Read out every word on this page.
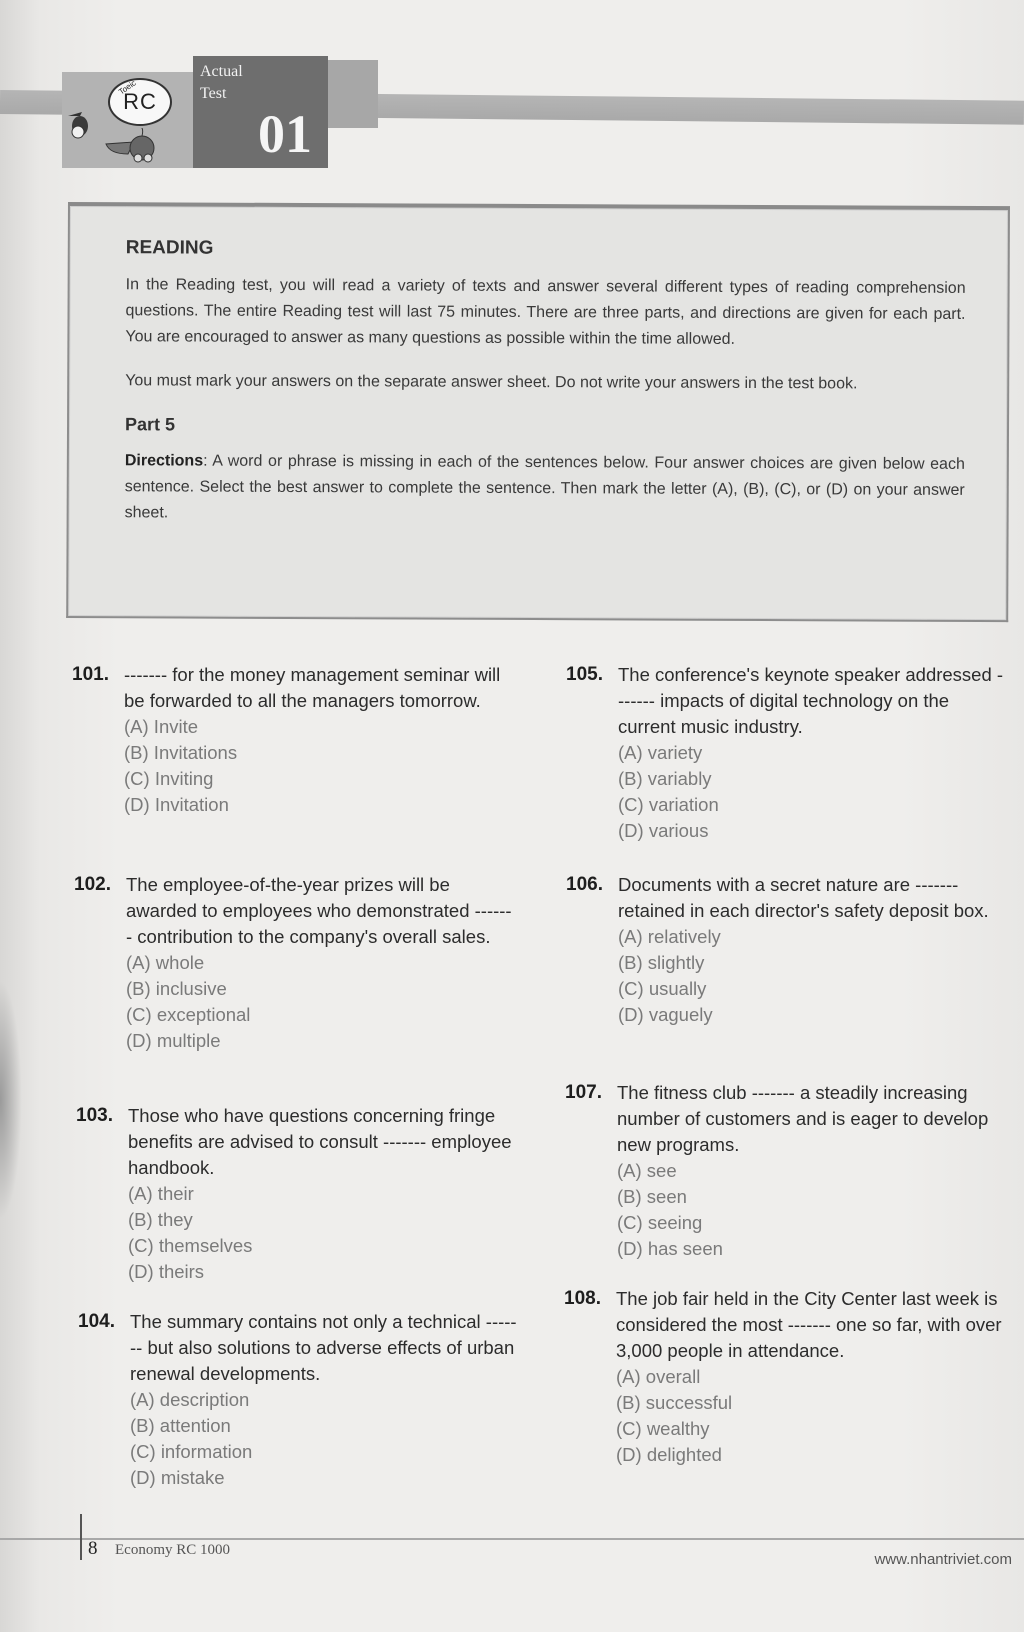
Toeic
RC
Actual
Test
01
READING

In the Reading test, you will read a variety of texts and answer several different types of reading comprehension questions. The entire Reading test will last 75 minutes. There are three parts, and directions are given for each part. You are encouraged to answer as many questions as possible within the time allowed.

You must mark your answers on the separate answer sheet. Do not write your answers in the test book.

Part 5

Directions: A word or phrase is missing in each of the sentences below. Four answer choices are given below each sentence. Select the best answer to complete the sentence. Then mark the letter (A), (B), (C), or (D) on your answer sheet.

101. ------- for the money management seminar will be forwarded to all the managers tomorrow.
(A) Invite
(B) Invitations
(C) Inviting
(D) Invitation
102. The employee-of-the-year prizes will be awarded to employees who demonstrated ------- contribution to the company's overall sales.
(A) whole
(B) inclusive
(C) exceptional
(D) multiple
103. Those who have questions concerning fringe benefits are advised to consult ------- employee handbook.
(A) their
(B) they
(C) themselves
(D) theirs
104. The summary contains not only a technical ------- but also solutions to adverse effects of urban renewal developments.
(A) description
(B) attention
(C) information
(D) mistake
105. The conference's keynote speaker addressed ------- impacts of digital technology on the current music industry.
(A) variety
(B) variably
(C) variation
(D) various
106. Documents with a secret nature are ------- retained in each director's safety deposit box.
(A) relatively
(B) slightly
(C) usually
(D) vaguely
107. The fitness club ------- a steadily increasing number of customers and is eager to develop new programs.
(A) see
(B) seen
(C) seeing
(D) has seen
108. The job fair held in the City Center last week is considered the most ------- one so far, with over 3,000 people in attendance.
(A) overall
(B) successful
(C) wealthy
(D) delighted
8 Economy RC 1000
www.nhantriviet.com
